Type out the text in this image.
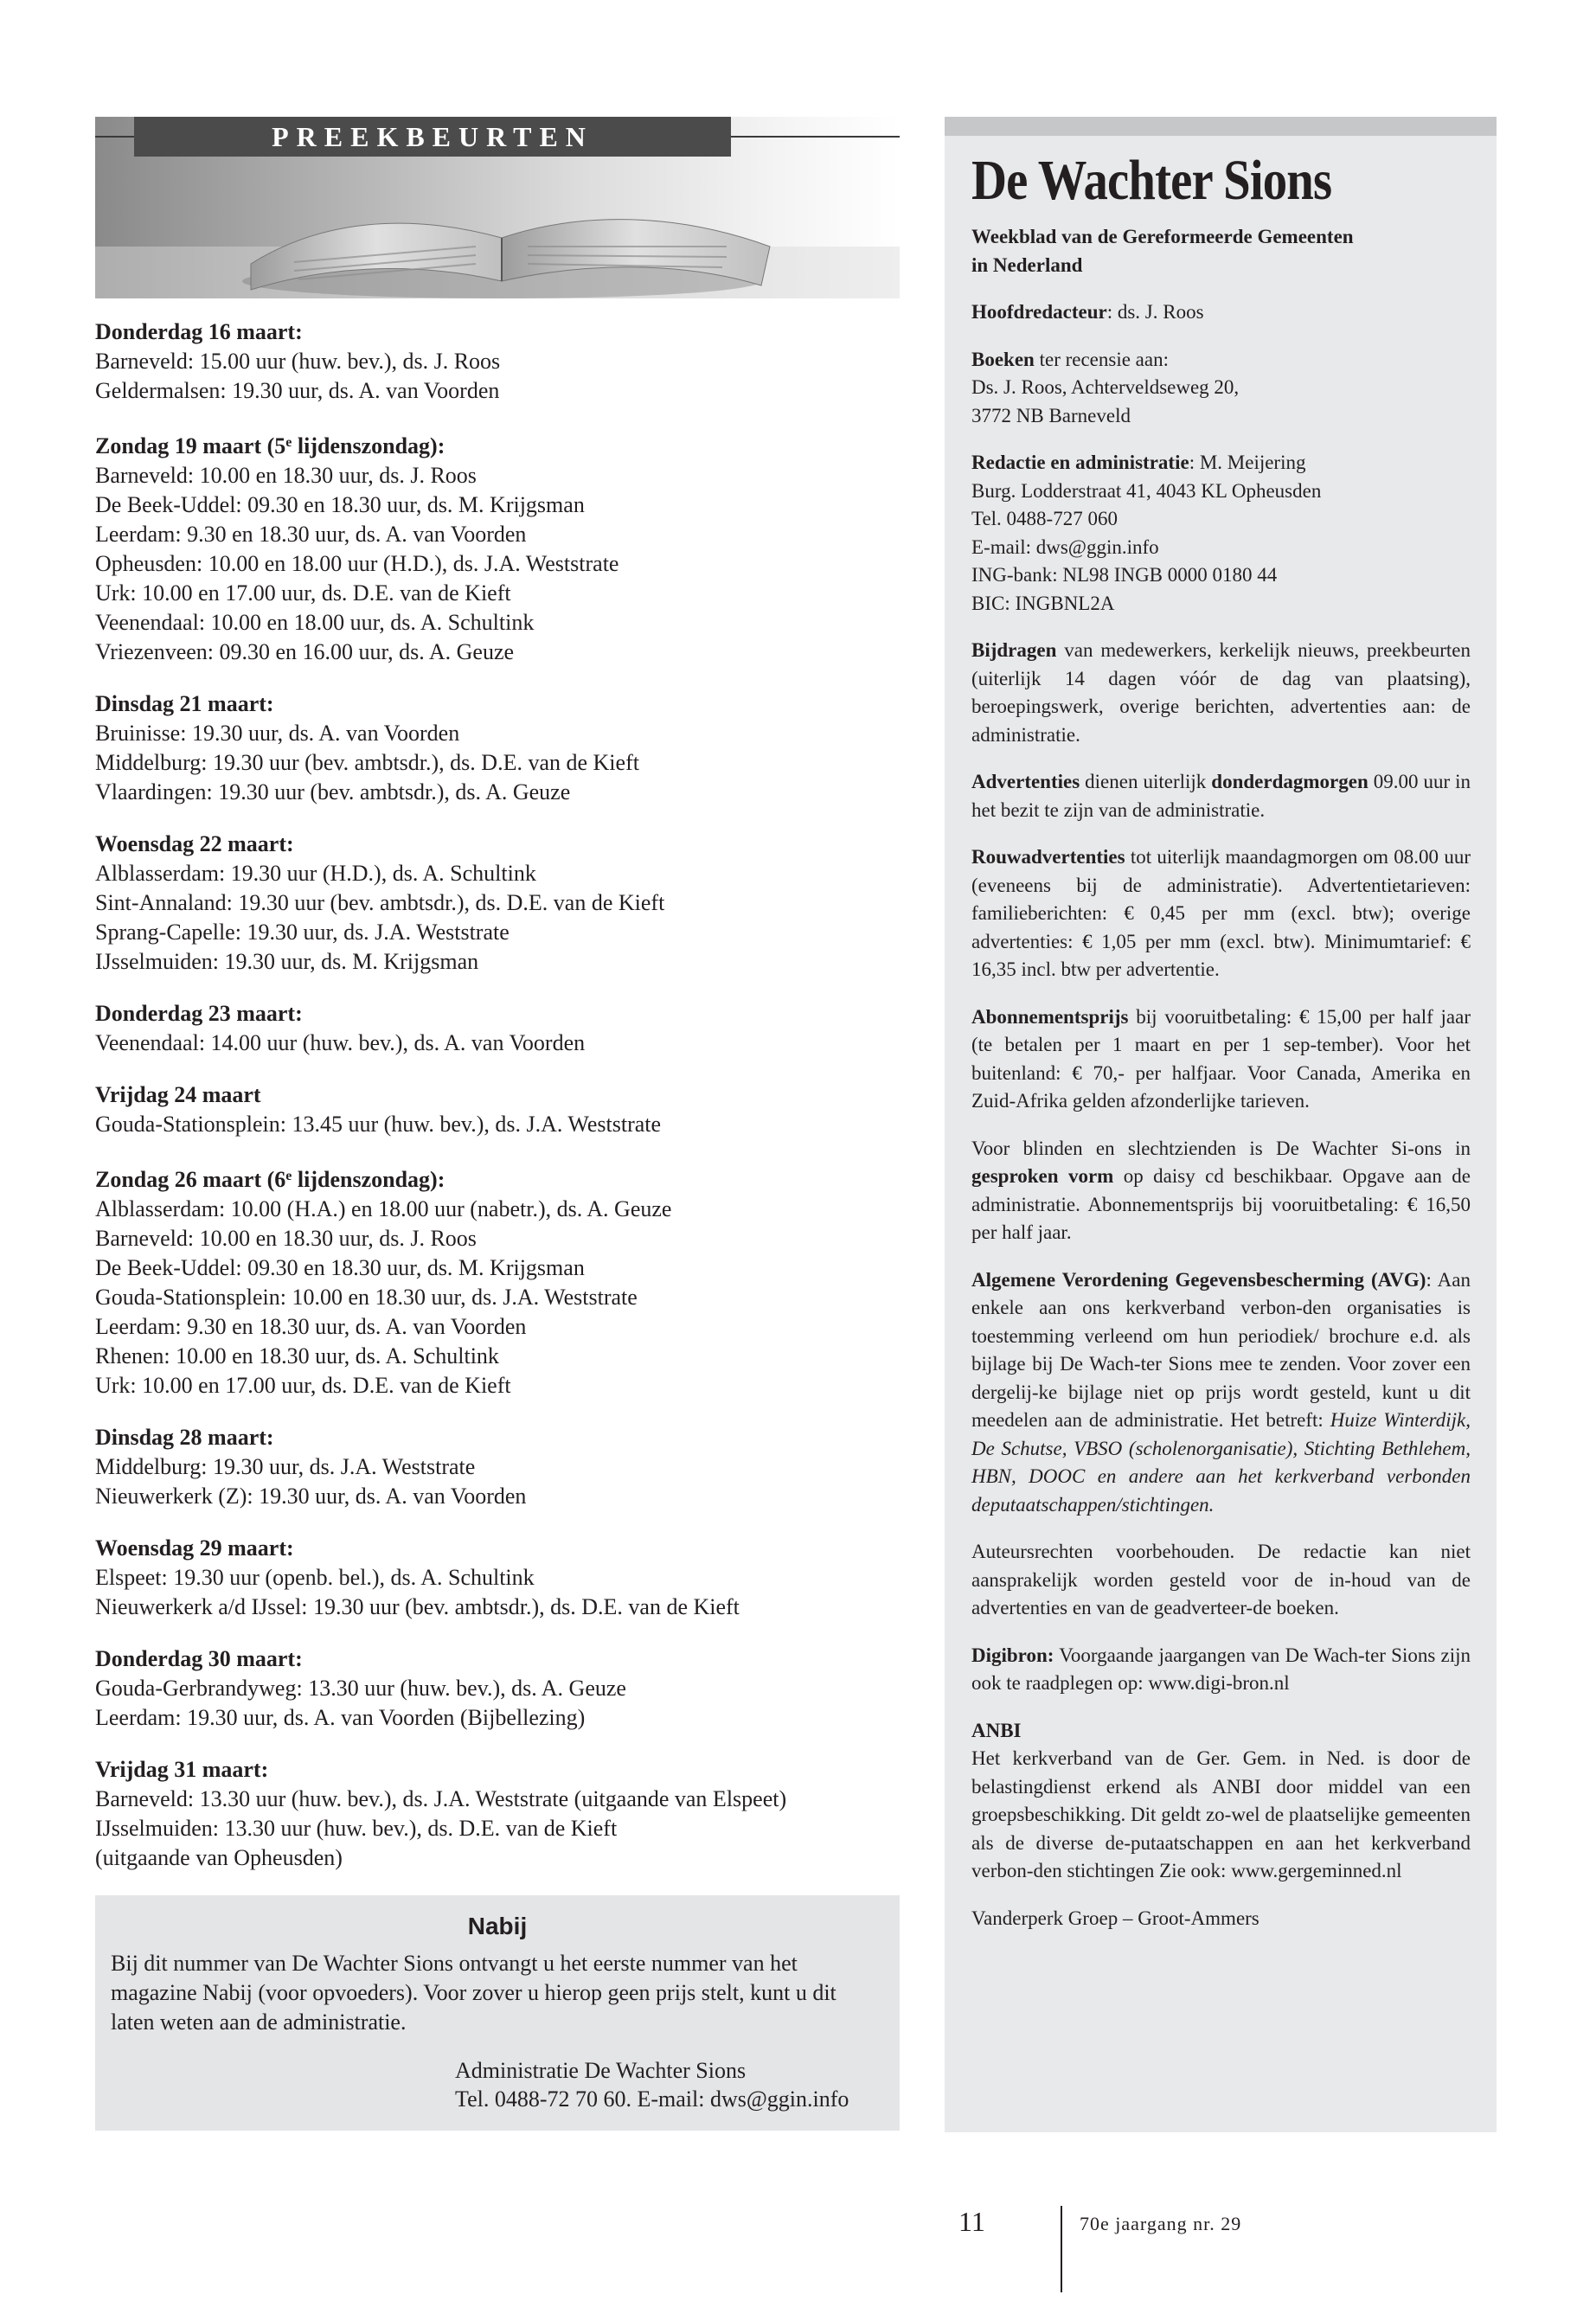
PREEKBEURTEN
Donderdag 16 maart:
Barneveld: 15.00 uur (huw. bev.), ds. J. Roos
Geldermalsen: 19.30 uur, ds. A. van Voorden
Zondag 19 maart (5e lijdenszondag):
Barneveld: 10.00 en 18.30 uur, ds. J. Roos
De Beek-Uddel: 09.30 en 18.30 uur, ds. M. Krijgsman
Leerdam: 9.30 en 18.30 uur, ds. A. van Voorden
Opheusden: 10.00 en 18.00 uur (H.D.), ds. J.A. Weststrate
Urk: 10.00 en 17.00 uur, ds. D.E. van de Kieft
Veenendaal: 10.00 en 18.00 uur, ds. A. Schultink
Vriezenveen: 09.30 en 16.00 uur, ds. A. Geuze
Dinsdag 21 maart:
Bruinisse: 19.30 uur, ds. A. van Voorden
Middelburg: 19.30 uur (bev. ambtsdr.), ds. D.E. van de Kieft
Vlaardingen: 19.30 uur (bev. ambtsdr.), ds. A. Geuze
Woensdag 22 maart:
Alblasserdam: 19.30 uur (H.D.), ds. A. Schultink
Sint-Annaland: 19.30 uur (bev. ambtsdr.), ds. D.E. van de Kieft
Sprang-Capelle: 19.30 uur, ds. J.A. Weststrate
IJsselmuiden: 19.30 uur, ds. M. Krijgsman
Donderdag 23 maart:
Veenendaal: 14.00 uur (huw. bev.), ds. A. van Voorden
Vrijdag 24 maart
Gouda-Stationsplein: 13.45 uur (huw. bev.), ds. J.A. Weststrate
Zondag 26 maart (6e lijdenszondag):
Alblasserdam: 10.00 (H.A.) en 18.00 uur (nabetr.), ds. A. Geuze
Barneveld: 10.00 en 18.30 uur, ds. J. Roos
De Beek-Uddel: 09.30 en 18.30 uur, ds. M. Krijgsman
Gouda-Stationsplein: 10.00 en 18.30 uur, ds. J.A. Weststrate
Leerdam: 9.30 en 18.30 uur, ds. A. van Voorden
Rhenen: 10.00 en 18.30 uur, ds. A. Schultink
Urk: 10.00 en 17.00 uur, ds. D.E. van de Kieft
Dinsdag 28 maart:
Middelburg: 19.30 uur, ds. J.A. Weststrate
Nieuwerkerk (Z): 19.30 uur, ds. A. van Voorden
Woensdag 29 maart:
Elspeet: 19.30 uur (openb. bel.), ds. A. Schultink
Nieuwerkerk a/d IJssel: 19.30 uur (bev. ambtsdr.), ds. D.E. van de Kieft
Donderdag 30 maart:
Gouda-Gerbrandyweg: 13.30 uur (huw. bev.), ds. A. Geuze
Leerdam: 19.30 uur, ds. A. van Voorden (Bijbellezing)
Vrijdag 31 maart:
Barneveld: 13.30 uur (huw. bev.), ds. J.A. Weststrate (uitgaande van Elspeet)
IJsselmuiden: 13.30 uur (huw. bev.), ds. D.E. van de Kieft
(uitgaande van Opheusden)
Nabij
Bij dit nummer van De Wachter Sions ontvangt u het eerste nummer van het magazine Nabij (voor opvoeders). Voor zover u hierop geen prijs stelt, kunt u dit laten weten aan de administratie.
Administratie De Wachter Sions
Tel. 0488-72 70 60. E-mail: dws@ggin.info
De Wachter Sions
Weekblad van de Gereformeerde Gemeenten
in Nederland
Hoofdredacteur: ds. J. Roos
Boeken ter recensie aan:
Ds. J. Roos, Achterveldseweg 20,
3772 NB Barneveld
Redactie en administratie: M. Meijering
Burg. Lodderstraat 41, 4043 KL Opheusden
Tel. 0488-727 060
E-mail: dws@ggin.info
ING-bank: NL98 INGB 0000 0180 44
BIC: INGBNL2A
Bijdragen van medewerkers, kerkelijk nieuws, preekbeurten (uiterlijk 14 dagen vóór de dag van plaatsing), beroepingswerk, overige berichten, advertenties aan: de administratie.
Advertenties dienen uiterlijk donderdagmorgen 09.00 uur in het bezit te zijn van de administratie.
Rouwadvertenties tot uiterlijk maandagmorgen om 08.00 uur (eveneens bij de administratie). Advertentietarieven: familieberichten: € 0,45 per mm (excl. btw); overige advertenties: € 1,05 per mm (excl. btw). Minimumtarief: € 16,35 incl. btw per advertentie.
Abonnementsprijs bij vooruitbetaling: € 15,00 per half jaar (te betalen per 1 maart en per 1 sep-tember). Voor het buitenland: € 70,- per halfjaar. Voor Canada, Amerika en Zuid-Afrika gelden afzonderlijke tarieven.
Voor blinden en slechtzienden is De Wachter Si-ons in gesproken vorm op daisy cd beschikbaar. Opgave aan de administratie. Abonnementsprijs bij vooruitbetaling: € 16,50 per half jaar.
Algemene Verordening Gegevensbescherming (AVG): Aan enkele aan ons kerkverband verbon-den organisaties is toestemming verleend om hun periodiek/ brochure e.d. als bijlage bij De Wach-ter Sions mee te zenden. Voor zover een dergelij-ke bijlage niet op prijs wordt gesteld, kunt u dit meedelen aan de administratie. Het betreft: Huize Winterdijk, De Schutse, VBSO (scholenorganisatie), Stichting Bethlehem, HBN, DOOC en andere aan het kerkverband verbonden deputaatschappen/stichtingen.
Auteursrechten voorbehouden. De redactie kan niet aansprakelijk worden gesteld voor de in-houd van de advertenties en van de geadverteer-de boeken.
Digibron: Voorgaande jaargangen van De Wach-ter Sions zijn ook te raadplegen op: www.digi-bron.nl
ANBI
Het kerkverband van de Ger. Gem. in Ned. is door de belastingdienst erkend als ANBI door middel van een groepsbeschikking. Dit geldt zo-wel de plaatselijke gemeenten als de diverse de-putaatschappen en aan het kerkverband verbon-den stichtingen Zie ook: www.gergeminned.nl
Vanderperk Groep – Groot-Ammers
11	70e jaargang nr. 29
